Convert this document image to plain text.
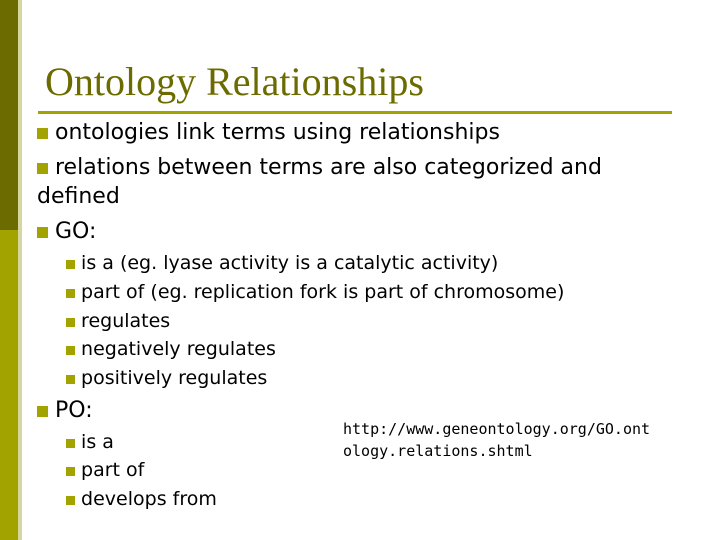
Ontology Relationships
ontologies link terms using relationships
relations between terms are also categorized and
defined
GO:
is a (eg. lyase activity is a catalytic activity)
part of (eg. replication fork is part of chromosome)
regulates
negatively regulates
positively regulates
PO:
is a
part of
develops from
http://www.geneontology.org/GO.ont
ology.relations.shtml
